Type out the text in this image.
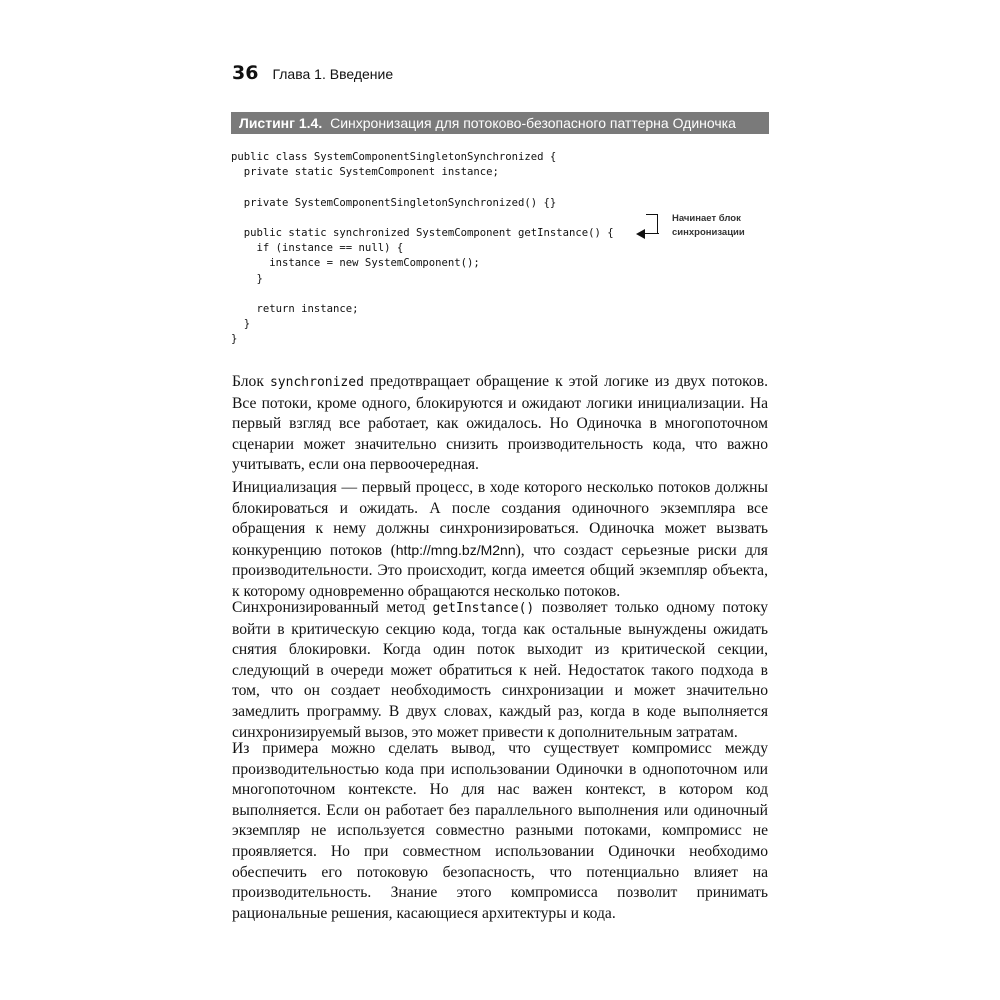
36 Глава 1. Введение
Листинг 1.4. Синхронизация для потоково-безопасного паттерна Одиночка
public class SystemComponentSingletonSynchronized {
private static SystemComponent instance;
private SystemComponentSingletonSynchronized() {}
public static synchronized SystemComponent getInstance() {
if (instance == null) {
instance = new SystemComponent();
}
return instance;
}
}
Начинает блок
синхронизации

Блок synchronized предотвращает обращение к этой логике из двух потоков. Все потоки, кроме одного, блокируются и ожидают логики инициализации. На первый взгляд все работает, как ожидалось. Но Одиночка в многопоточном сценарии может значительно снизить производительность кода, что важно учитывать, если она первоочередная.

Инициализация — первый процесс, в ходе которого несколько потоков должны блокироваться и ожидать. А после создания одиночного экземпляра все обращения к нему должны синхронизироваться. Одиночка может вызвать конкуренцию потоков (http://mng.bz/M2nn), что создаст серьезные риски для производительности. Это происходит, когда имеется общий экземпляр объекта, к которому одновременно обращаются несколько потоков.

Синхронизированный метод getInstance() позволяет только одному потоку войти в критическую секцию кода, тогда как остальные вынуждены ожидать снятия блокировки. Когда один поток выходит из критической секции, следующий в очереди может обратиться к ней. Недостаток такого подхода в том, что он создает необходимость синхронизации и может значительно замедлить программу. В двух словах, каждый раз, когда в коде выполняется синхронизируемый вызов, это может привести к дополнительным затратам.

Из примера можно сделать вывод, что существует компромисс между производительностью кода при использовании Одиночки в однопоточном или многопоточном контексте. Но для нас важен контекст, в котором код выполняется. Если он работает без параллельного выполнения или одиночный экземпляр не используется совместно разными потоками, компромисс не проявляется. Но при совместном использовании Одиночки необходимо обеспечить его потоковую безопасность, что потенциально влияет на производительность. Знание этого компромисса позволит принимать рациональные решения, касающиеся архитектуры и кода.
